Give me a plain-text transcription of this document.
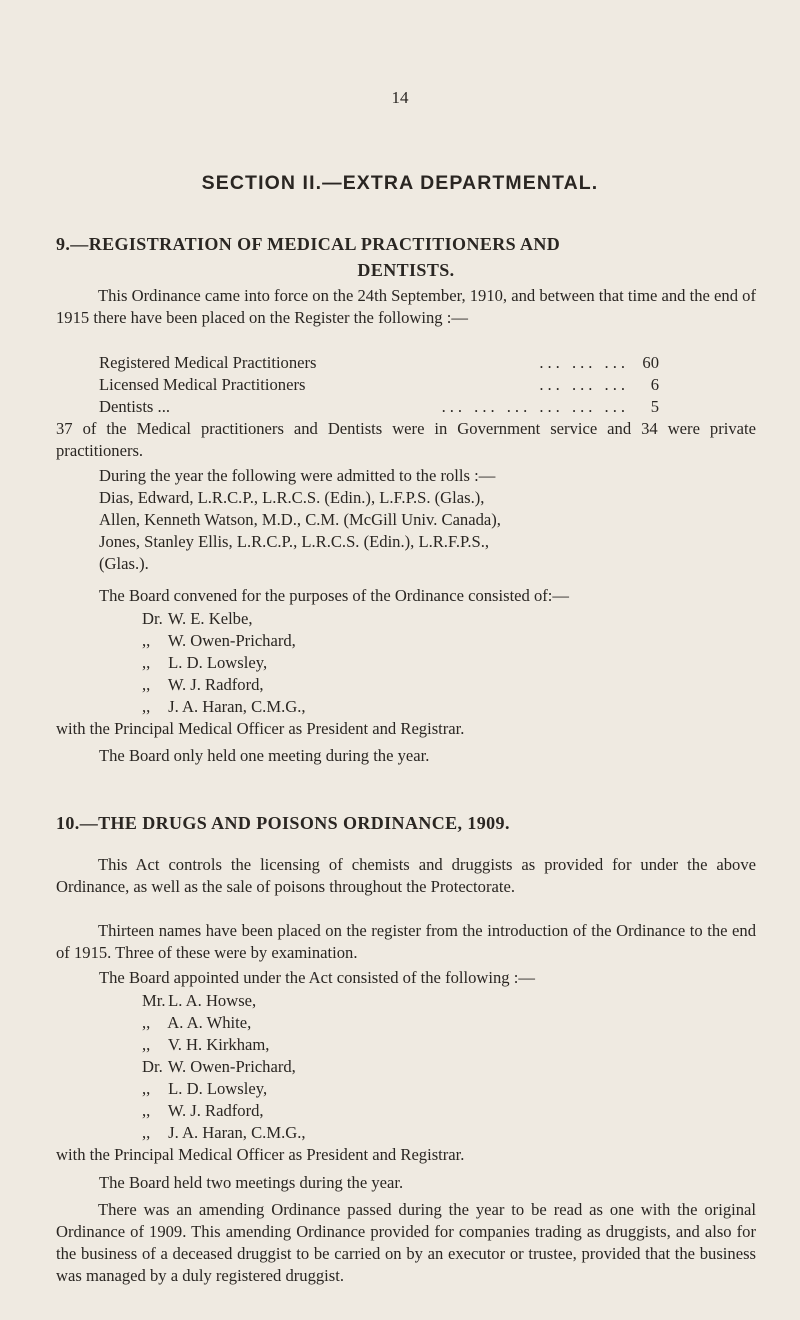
14
SECTION II.—EXTRA DEPARTMENTAL.
9.—REGISTRATION OF MEDICAL PRACTITIONERS AND
DENTISTS.
This Ordinance came into force on the 24th September, 1910, and between that time and the end of 1915 there have been placed on the Register the following :—
Registered Medical Practitioners	... ... ... 60
Licensed Medical Practitioners	... ... ...	6
Dentists ...	... ... ... ... ... ...	5
37 of the Medical practitioners and Dentists were in Government service and 34 were private practitioners.
During the year the following were admitted to the rolls :—
Dias, Edward, L.R.C.P., L.R.C.S. (Edin.), L.F.P.S. (Glas.),
Allen, Kenneth Watson, M.D., C.M. (McGill Univ. Canada),
Jones, Stanley Ellis, L.R.C.P., L.R.C.S. (Edin.), L.R.F.P.S.,
(Glas.).
The Board convened for the purposes of the Ordinance consisted of:—
Dr. W. E. Kelbe,
,, W. Owen-Prichard,
,, L. D. Lowsley,
,, W. J. Radford,
,, J. A. Haran, C.M.G.,
with the Principal Medical Officer as President and Registrar.
The Board only held one meeting during the year.
10.—THE DRUGS AND POISONS ORDINANCE, 1909.
This Act controls the licensing of chemists and druggists as provided for under the above Ordinance, as well as the sale of poisons throughout the Protectorate.
Thirteen names have been placed on the register from the introduction of the Ordinance to the end of 1915. Three of these were by examination.
The Board appointed under the Act consisted of the following :—
Mr. L. A. Howse,
,, A. A. White,
,, V. H. Kirkham,
Dr. W. Owen-Prichard,
,, L. D. Lowsley,
,, W. J. Radford,
,, J. A. Haran, C.M.G.,
with the Principal Medical Officer as President and Registrar.
The Board held two meetings during the year.
There was an amending Ordinance passed during the year to be read as one with the original Ordinance of 1909. This amending Ordinance provided for companies trading as druggists, and also for the business of a deceased druggist to be carried on by an executor or trustee, provided that the business was managed by a duly registered druggist.
